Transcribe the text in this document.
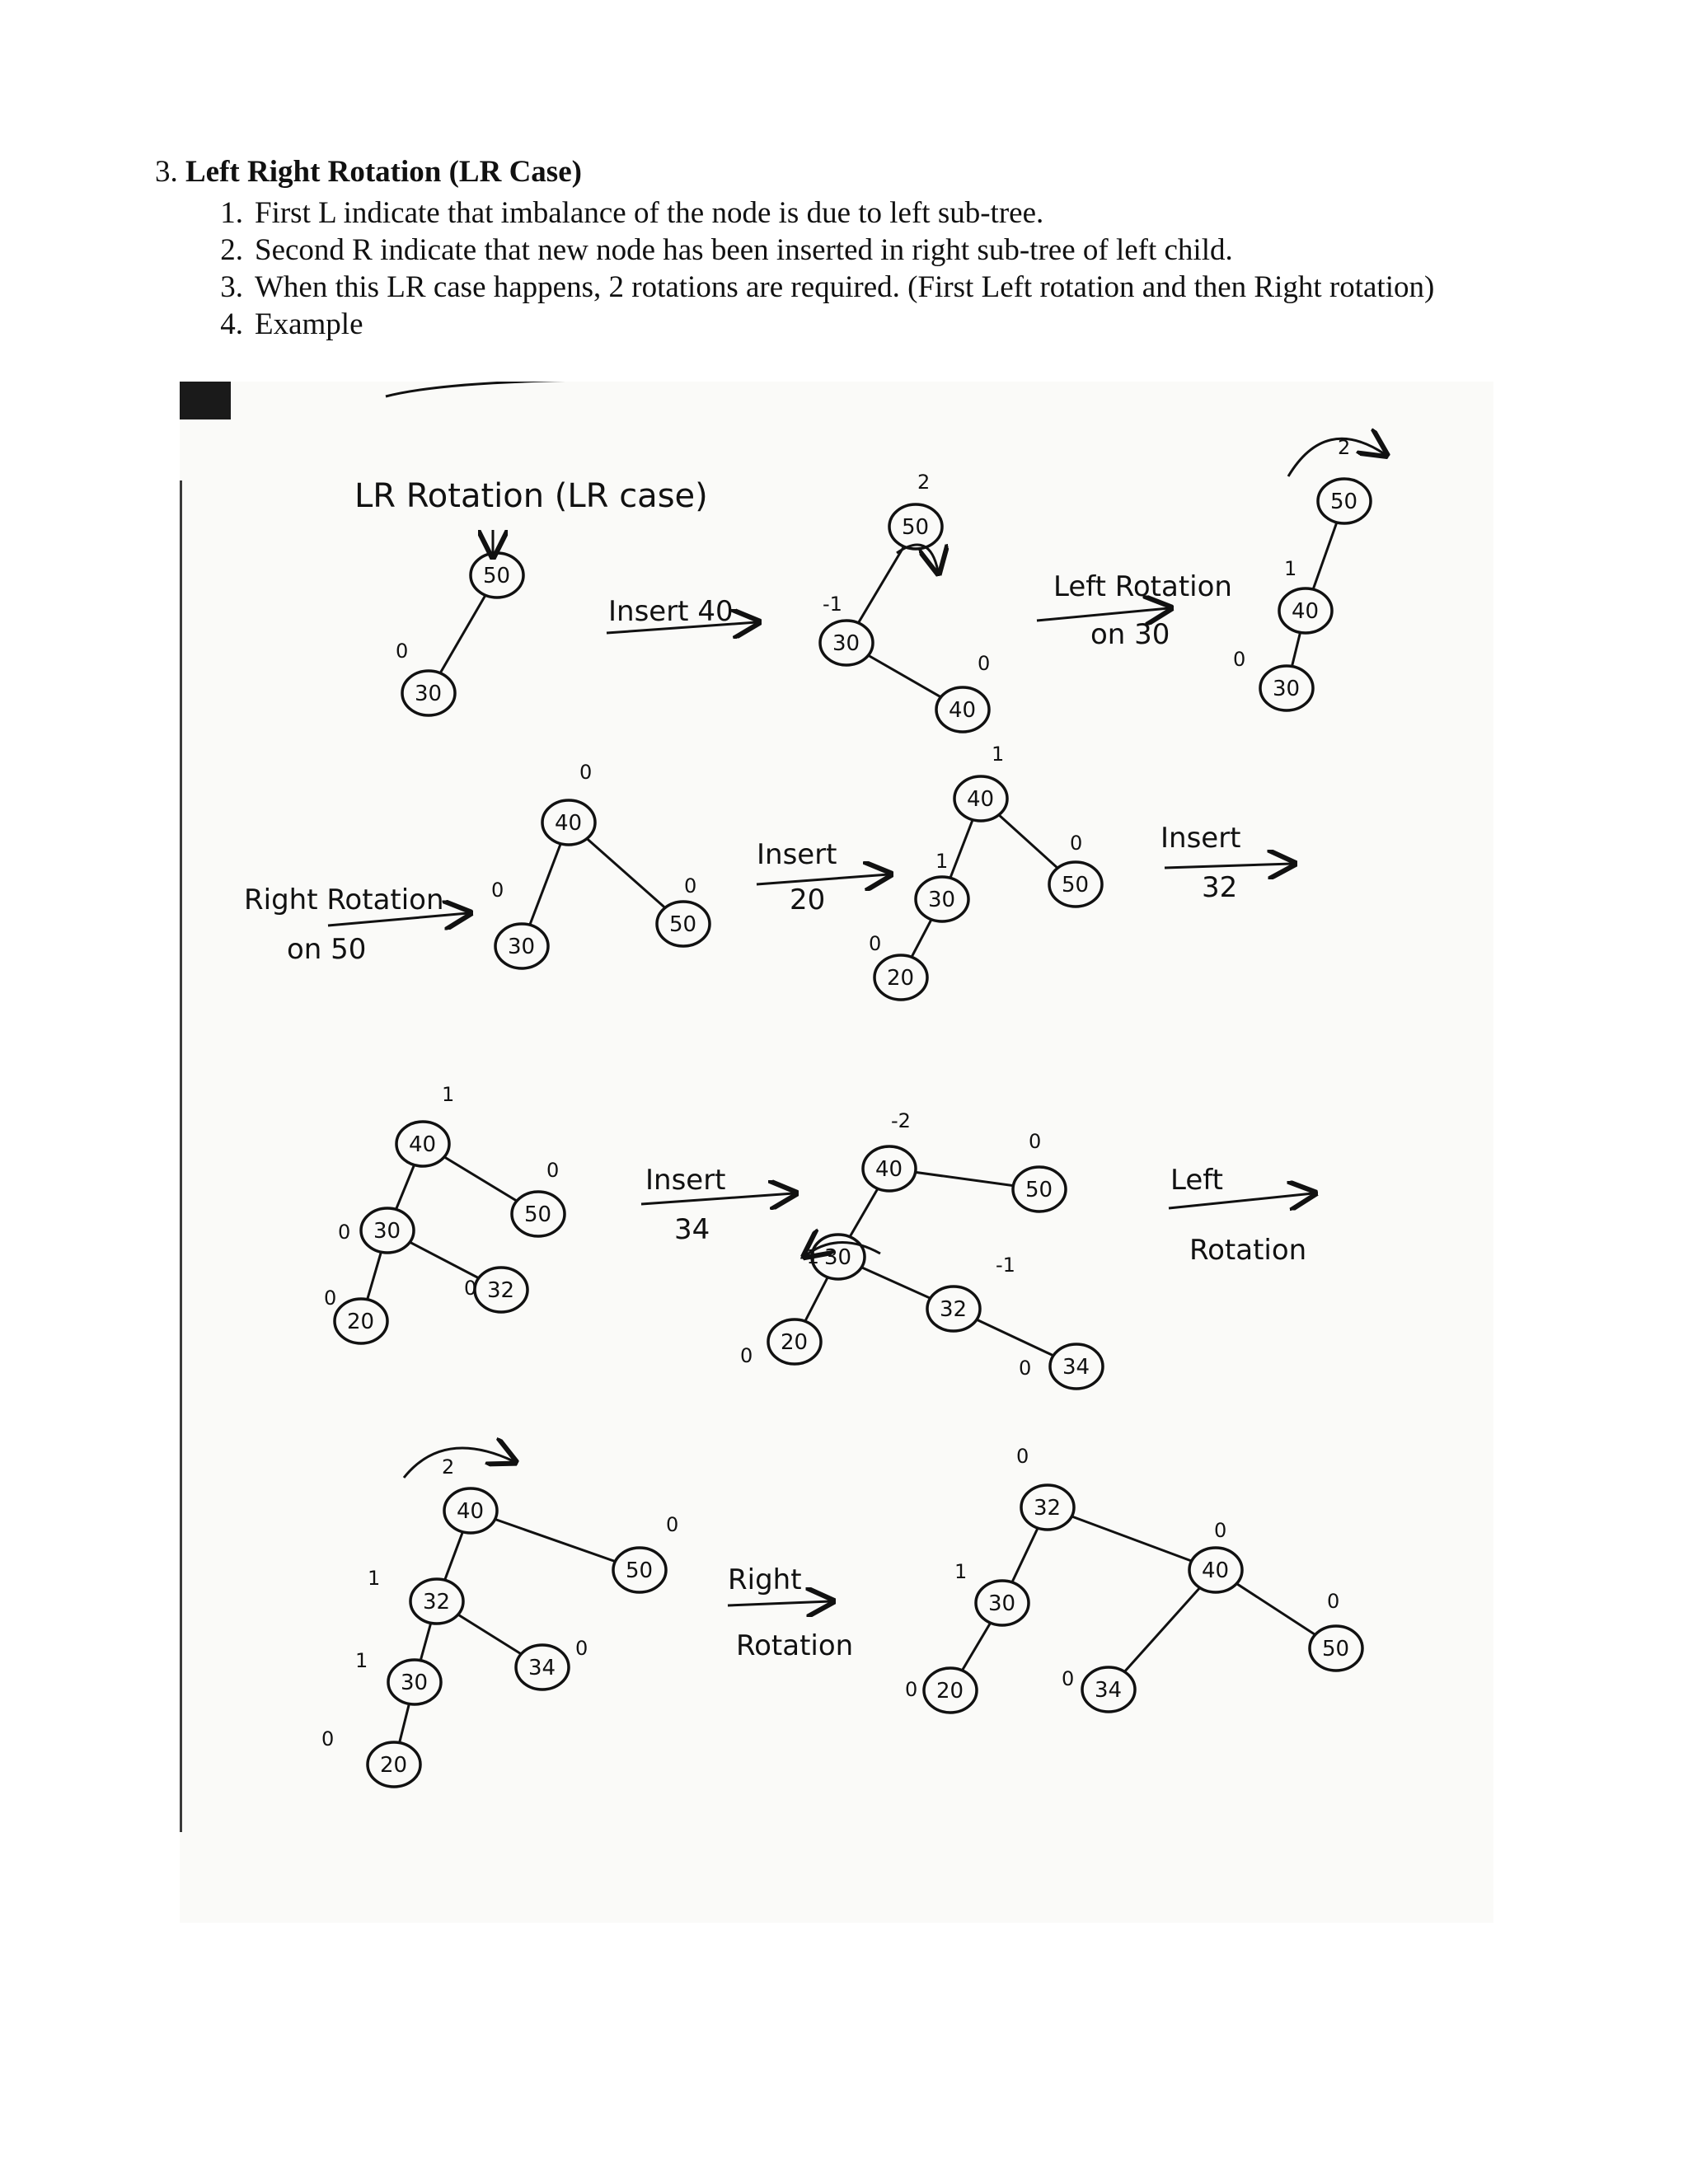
3. Left Right Rotation (LR Case)
1. First L indicate that imbalance of the node is due to left sub-tree.
2. Second R indicate that new node has been inserted in right sub-tree of left child.
3. When this LR case happens, 2 rotations are required. (First Left rotation and then Right rotation)
4. Example
LR Rotation (LR case)
Insert 40
Left Rotation
on 30
Right Rotation
on 50
Insert
20
Insert
32
Insert
34
Left
Rotation
Right
Rotation
50
30
0
50
2
30
-1
40
0
50
2
40
1
30
0
40
0
30
0
50
0
40
1
30
1
50
0
20
0
40
1
30
0
50
0
20
0	32
0
40
-2
30
-1
50
0
20
0
32
-1
34
0
40
2
32
1	50
0
30
1	34
0
20
0
32
0
30
1	40
0
20
0	34
0
50
0
